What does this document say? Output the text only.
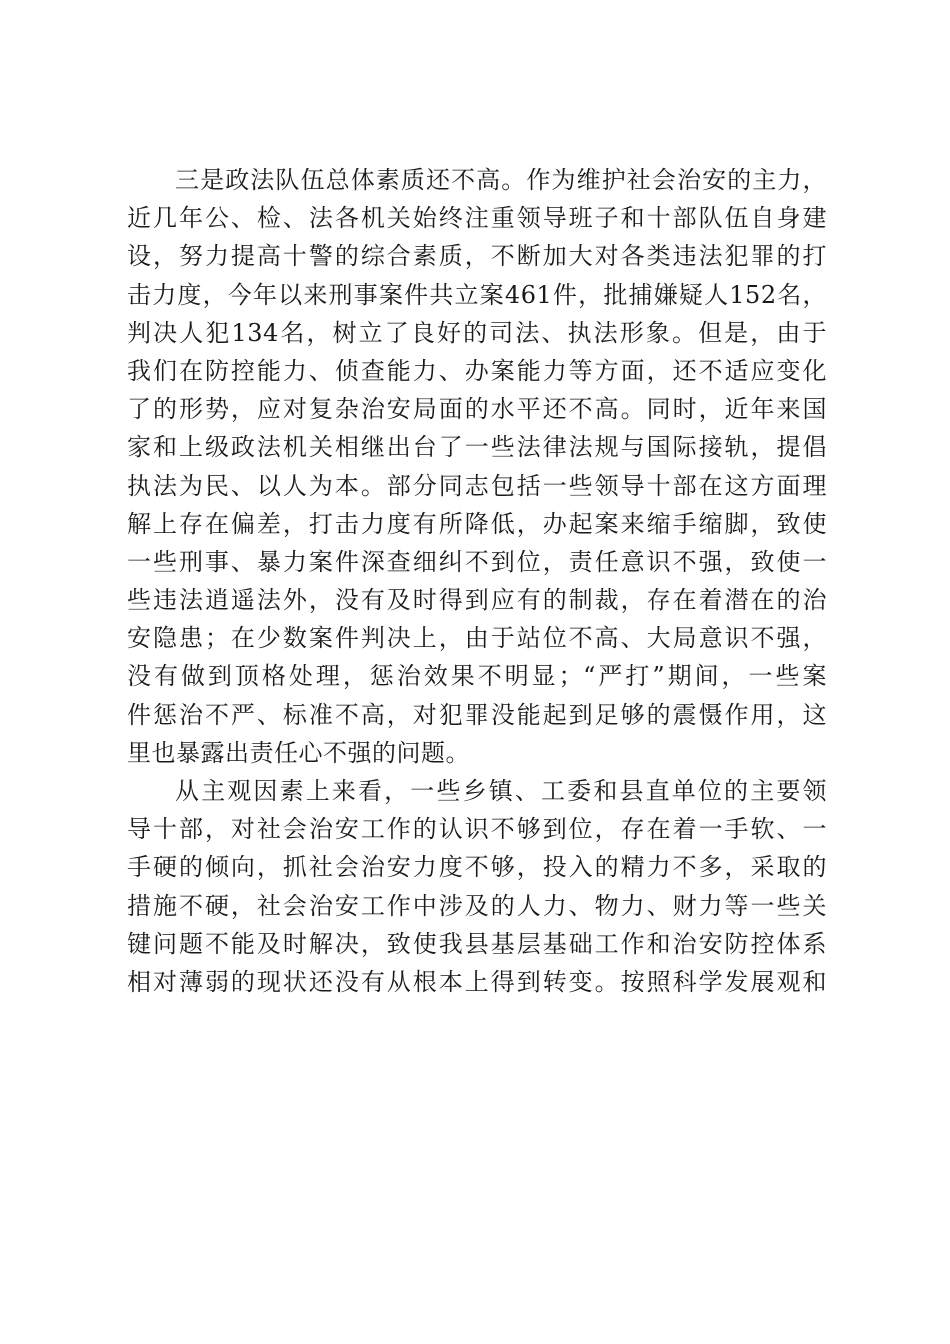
三是政法队伍总体素质还不高。作为维护社会治安的主力，
近几年公、检、法各机关始终注重领导班子和十部队伍自身建
设，努力提高十警的综合素质，不断加大对各类违法犯罪的打
击力度，今年以来刑事案件共立案461件，批捕嫌疑人152名，
判决人犯134名，树立了良好的司法、执法形象。但是，由于
我们在防控能力、侦查能力、办案能力等方面，还不适应变化
了的形势，应对复杂治安局面的水平还不高。同时，近年来国
家和上级政法机关相继出台了一些法律法规与国际接轨，提倡
执法为民、以人为本。部分同志包括一些领导十部在这方面理
解上存在偏差，打击力度有所降低，办起案来缩手缩脚，致使
一些刑事、暴力案件深查细纠不到位，责任意识不强，致使一
些违法逍遥法外，没有及时得到应有的制裁，存在着潜在的治
安隐患；在少数案件判决上，由于站位不高、大局意识不强，
没有做到顶格处理，惩治效果不明显；“严打”期间，一些案
件惩治不严、标准不高，对犯罪没能起到足够的震慑作用，这
里也暴露出责任心不强的问题。
从主观因素上来看，一些乡镇、工委和县直单位的主要领
导十部，对社会治安工作的认识不够到位，存在着一手软、一
手硬的倾向，抓社会治安力度不够，投入的精力不多，采取的
措施不硬，社会治安工作中涉及的人力、物力、财力等一些关
键问题不能及时解决，致使我县基层基础工作和治安防控体系
相对薄弱的现状还没有从根本上得到转变。按照科学发展观和
